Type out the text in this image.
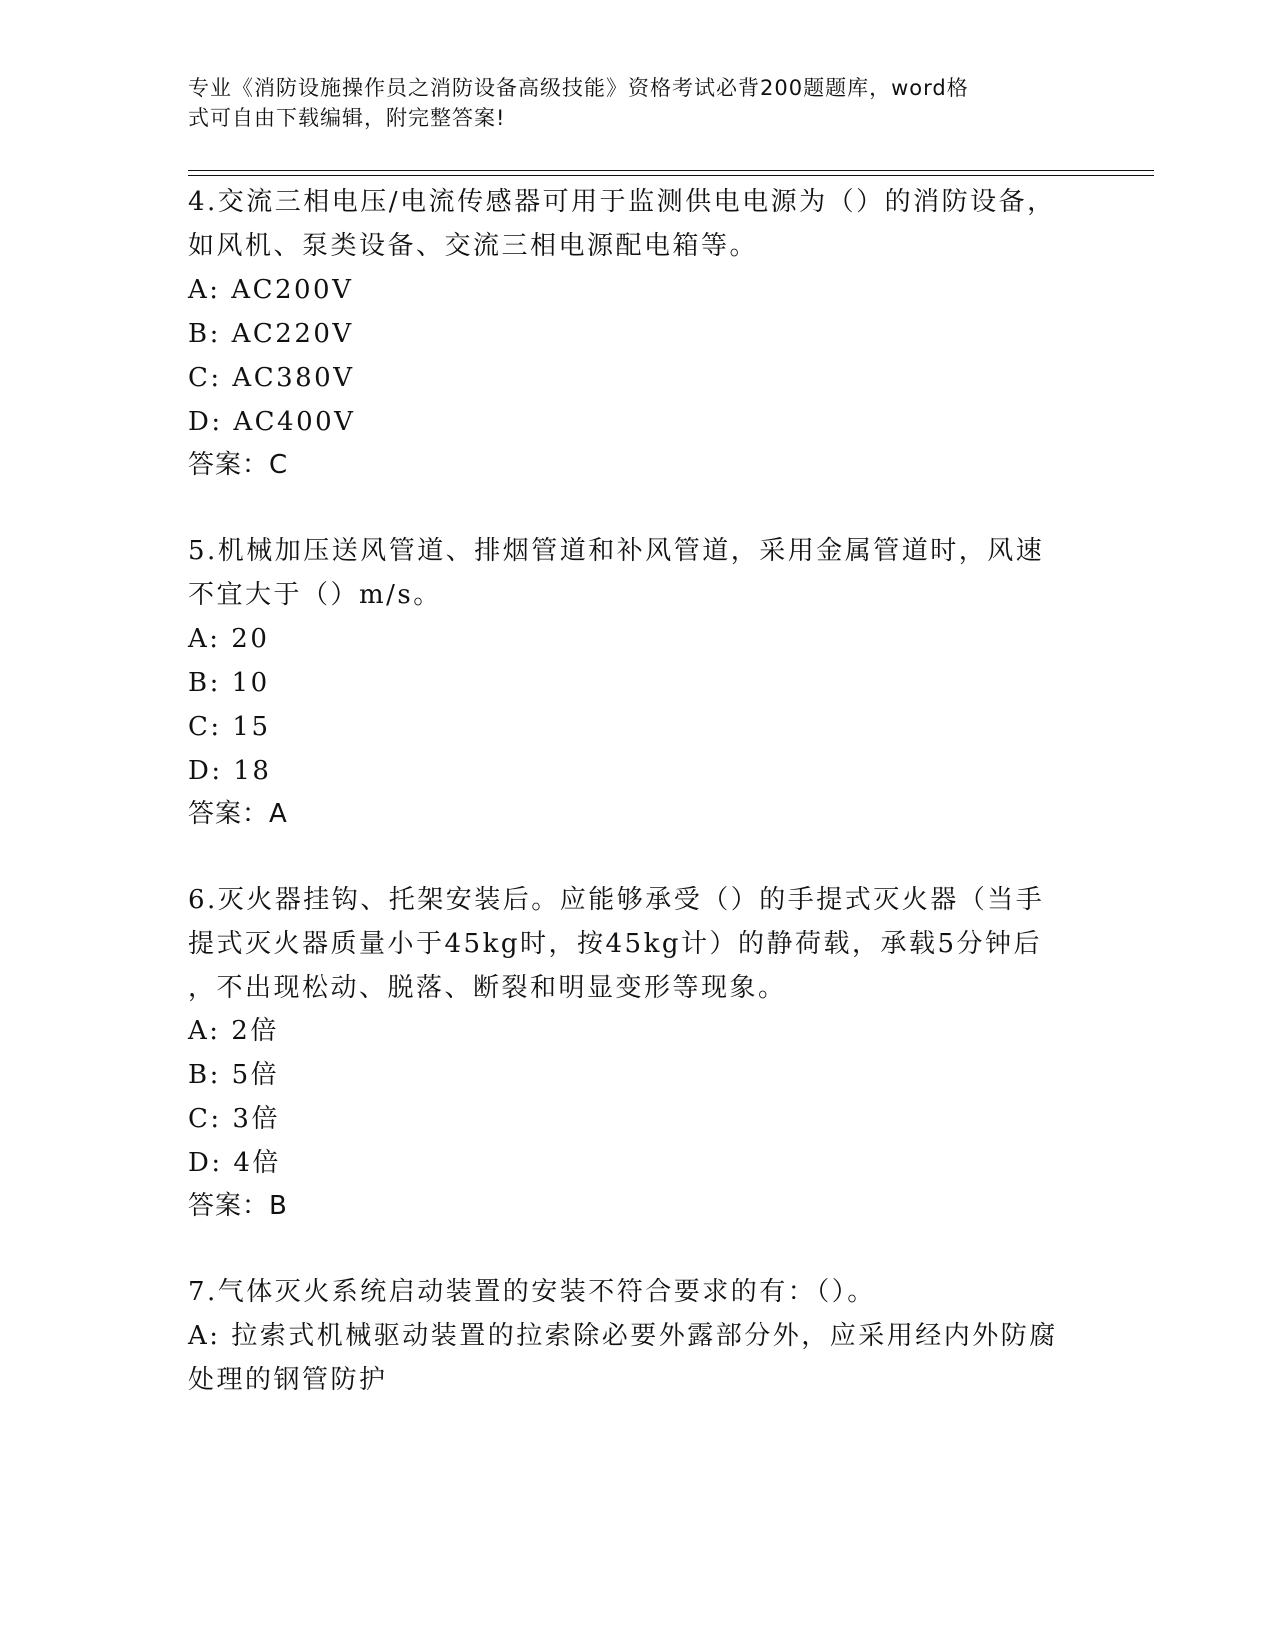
专业《消防设施操作员之消防设备高级技能》资格考试必背200题题库，word格
式可自由下载编辑，附完整答案!
4.交流三相电压/电流传感器可用于监测供电电源为（）的消防设备，
如风机、泵类设备、交流三相电源配电箱等。
A: AC200V
B: AC220V
C: AC380V
D: AC400V
答案：C
5.机械加压送风管道、排烟管道和补风管道，采用金属管道时，风速
不宜大于（）m/s。
A: 20
B: 10
C: 15
D: 18
答案：A
6.灭火器挂钩、托架安装后。应能够承受（）的手提式灭火器（当手
提式灭火器质量小于45kg时，按45kg计）的静荷载，承载5分钟后
，不出现松动、脱落、断裂和明显变形等现象。
A: 2倍
B: 5倍
C: 3倍
D: 4倍
答案：B
7.气体灭火系统启动装置的安装不符合要求的有：（）。
A: 拉索式机械驱动装置的拉索除必要外露部分外，应采用经内外防腐
处理的钢管防护
